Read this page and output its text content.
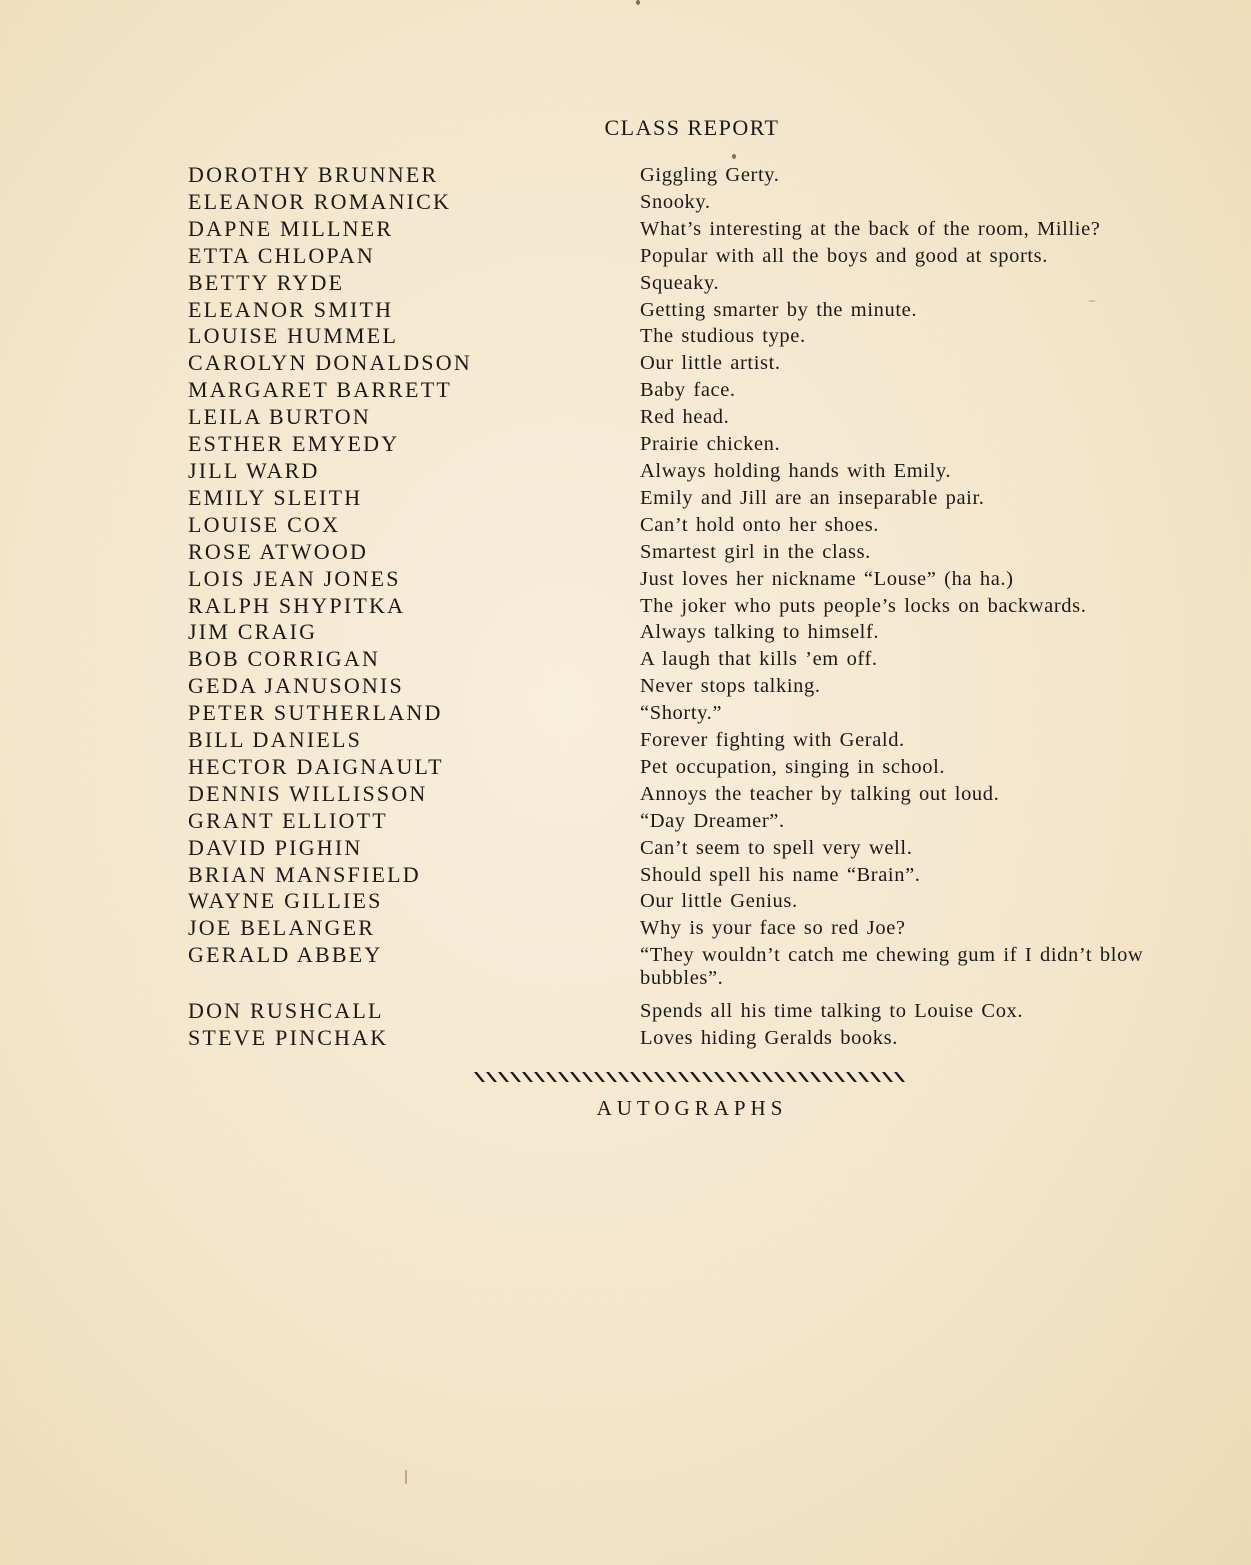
CLASS REPORT
DOROTHY BRUNNER	Giggling Gerty.
ELEANOR ROMANICK	Snooky.
DAPNE MILLNER	What’s interesting at the back of the room, Millie?
ETTA CHLOPAN	Popular with all the boys and good at sports.
BETTY RYDE	Squeaky.
ELEANOR SMITH	Getting smarter by the minute.
LOUISE HUMMEL	The studious type.
CAROLYN DONALDSON	Our little artist.
MARGARET BARRETT	Baby face.
LEILA BURTON	Red head.
ESTHER EMYEDY	Prairie chicken.
JILL WARD	Always holding hands with Emily.
EMILY SLEITH	Emily and Jill are an inseparable pair.
LOUISE COX	Can’t hold onto her shoes.
ROSE ATWOOD	Smartest girl in the class.
LOIS JEAN JONES	Just loves her nickname “Louse” (ha ha.)
RALPH SHYPITKA	The joker who puts people’s locks on backwards.
JIM CRAIG	Always talking to himself.
BOB CORRIGAN	A laugh that kills ’em off.
GEDA JANUSONIS	Never stops talking.
PETER SUTHERLAND	“Shorty.”
BILL DANIELS	Forever fighting with Gerald.
HECTOR DAIGNAULT	Pet occupation, singing in school.
DENNIS WILLISSON	Annoys the teacher by talking out loud.
GRANT ELLIOTT	“Day Dreamer”.
DAVID PIGHIN	Can’t seem to spell very well.
BRIAN MANSFIELD	Should spell his name “Brain”.
WAYNE GILLIES	Our little Genius.
JOE BELANGER	Why is your face so red Joe?
GERALD ABBEY	“They wouldn’t catch me chewing gum if I didn’t blow bubbles”.
DON RUSHCALL	Spends all his time talking to Louise Cox.
STEVE PINCHAK	Loves hiding Geralds books.
AUTOGRAPHS
